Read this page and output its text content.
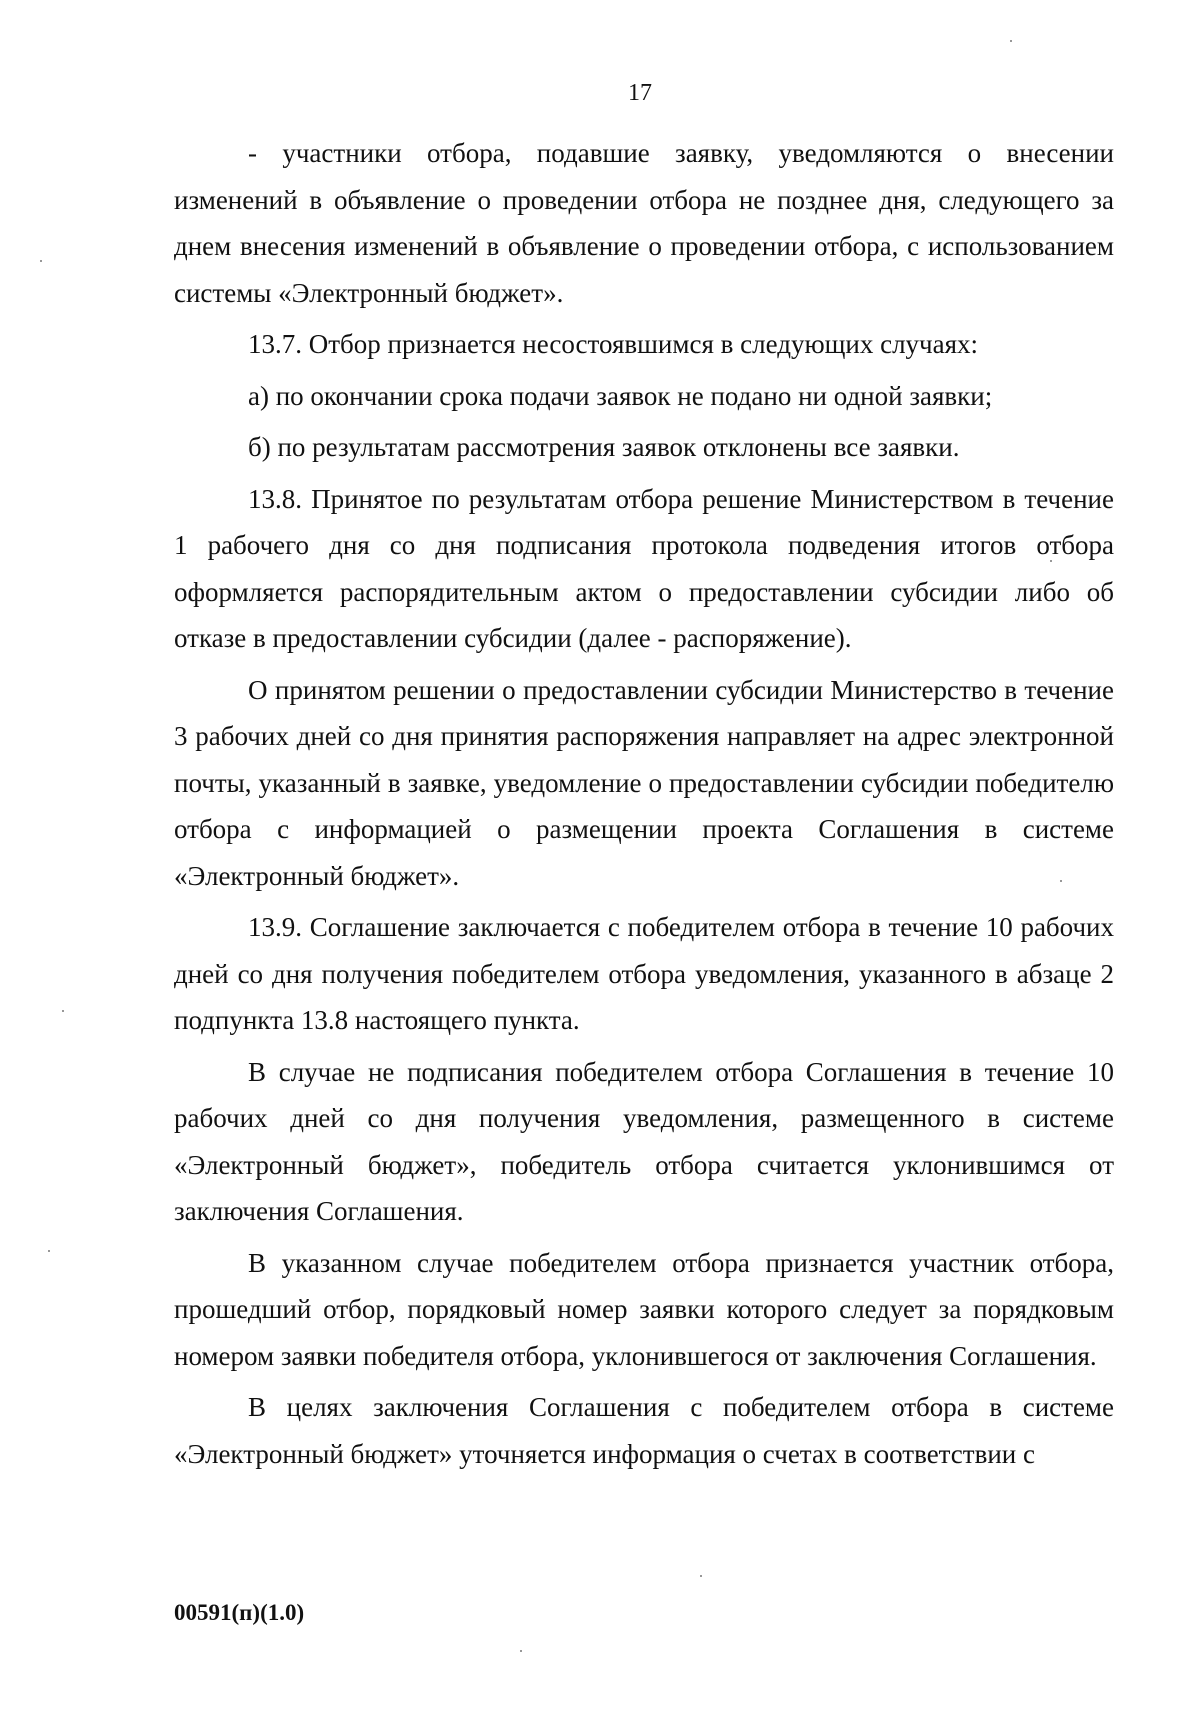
17

- участники отбора, подавшие заявку, уведомляются о внесении изменений в объявление о проведении отбора не позднее дня, следующего за днем внесения изменений в объявление о проведении отбора, с использованием системы «Электронный бюджет».

13.7. Отбор признается несостоявшимся в следующих случаях:

а) по окончании срока подачи заявок не подано ни одной заявки;

б) по результатам рассмотрения заявок отклонены все заявки.

13.8. Принятое по результатам отбора решение Министерством в течение 1 рабочего дня со дня подписания протокола подведения итогов отбора оформляется распорядительным актом о предоставлении субсидии либо об отказе в предоставлении субсидии (далее - распоряжение).

О принятом решении о предоставлении субсидии Министерство в течение 3 рабочих дней со дня принятия распоряжения направляет на адрес электронной почты, указанный в заявке, уведомление о предоставлении субсидии победителю отбора с информацией о размещении проекта Соглашения в системе «Электронный бюджет».

13.9. Соглашение заключается с победителем отбора в течение 10 рабочих дней со дня получения победителем отбора уведомления, указанного в абзаце 2 подпункта 13.8 настоящего пункта.

В случае не подписания победителем отбора Соглашения в течение 10 рабочих дней со дня получения уведомления, размещенного в системе «Электронный бюджет», победитель отбора считается уклонившимся от заключения Соглашения.

В указанном случае победителем отбора признается участник отбора, прошедший отбор, порядковый номер заявки которого следует за порядковым номером заявки победителя отбора, уклонившегося от заключения Соглашения.

В целях заключения Соглашения с победителем отбора в системе «Электронный бюджет» уточняется информация о счетах в соответствии с

00591(п)(1.0)
